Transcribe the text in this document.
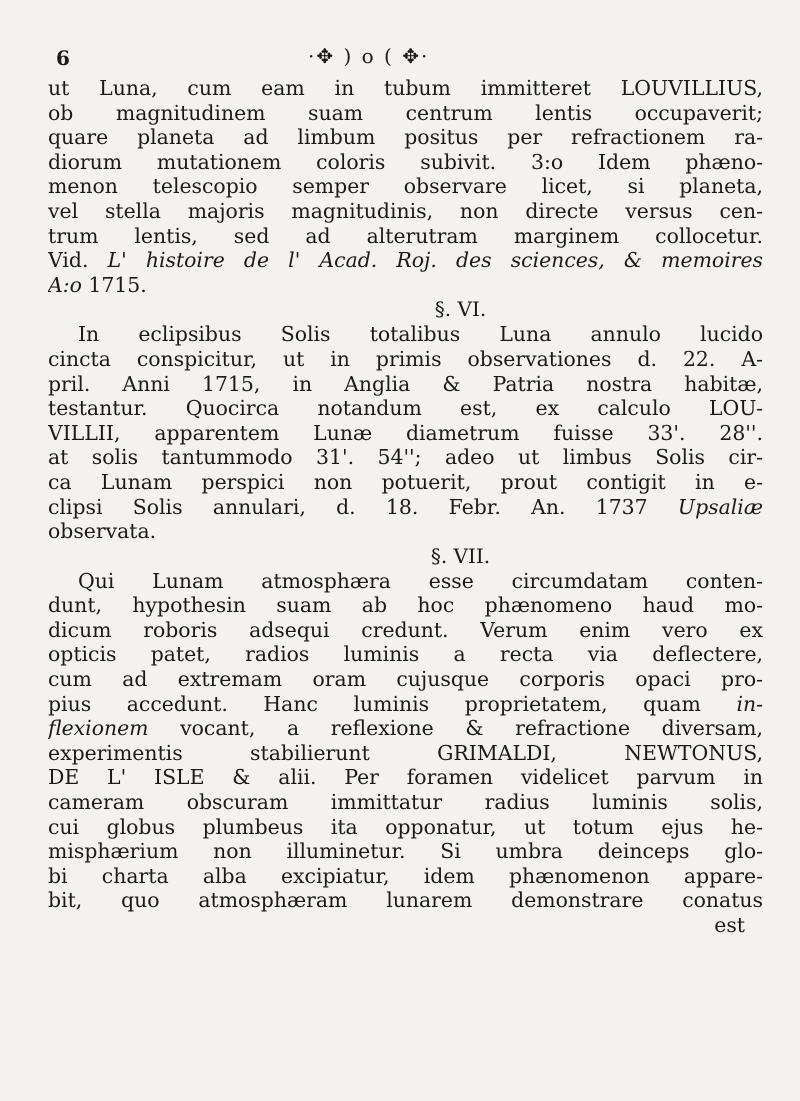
6	·✥ ) o ( ✥·
ut Luna, cum eam in tubum immitteret LOUVILLIUS,
ob magnitudinem suam centrum lentis occupaverit;
quare planeta ad limbum positus per refractionem ra-
diorum mutationem coloris subivit. 3:o Idem phæno-
menon telescopio semper observare licet, si planeta,
vel stella majoris magnitudinis, non directe versus cen-
trum lentis, sed ad alterutram marginem collocetur.
Vid. L' histoire de l' Acad. Roj. des sciences, & memoires
A:o 1715.
§. VI.
In eclipsibus Solis totalibus Luna annulo lucido
cincta conspicitur, ut in primis observationes d. 22. A-
pril. Anni 1715, in Anglia & Patria nostra habitæ,
testantur. Quocirca notandum est, ex calculo LOU-
VILLII, apparentem Lunæ diametrum fuisse 33'. 28''.
at solis tantummodo 31'. 54''; adeo ut limbus Solis cir-
ca Lunam perspici non potuerit, prout contigit in e-
clipsi Solis annulari, d. 18. Febr. An. 1737 Upsaliæ
observata.
§. VII.
Qui Lunam atmosphæra esse circumdatam conten-
dunt, hypothesin suam ab hoc phænomeno haud mo-
dicum roboris adsequi credunt. Verum enim vero ex
opticis patet, radios luminis a recta via deflectere,
cum ad extremam oram cujusque corporis opaci pro-
pius accedunt. Hanc luminis proprietatem, quam in-
flexionem vocant, a reflexione & refractione diversam,
experimentis stabilierunt GRIMALDI, NEWTONUS,
DE L' ISLE & alii. Per foramen videlicet parvum in
cameram obscuram immittatur radius luminis solis,
cui globus plumbeus ita opponatur, ut totum ejus he-
misphærium non illuminetur. Si umbra deinceps glo-
bi charta alba excipiatur, idem phænomenon appare-
bit, quo atmosphæram lunarem demonstrare conatus
est
